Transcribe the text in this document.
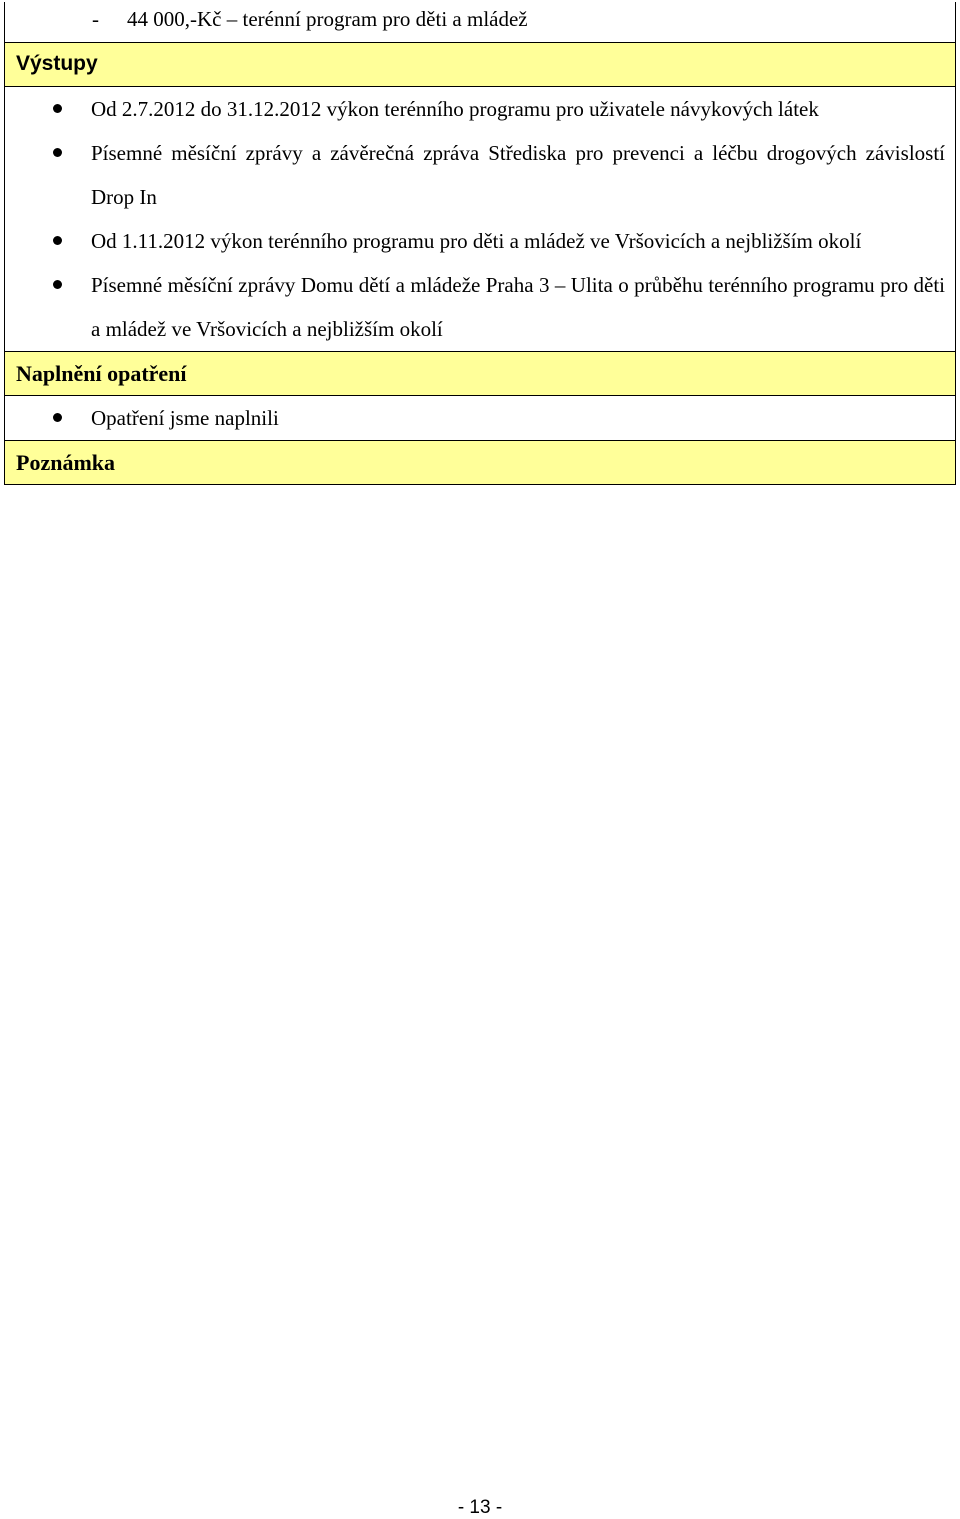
- 44 000,-Kč – terénní program pro děti a mládež
Výstupy
Od 2.7.2012 do 31.12.2012 výkon terénního programu pro uživatele návykových látek
Písemné měsíční zprávy a závěrečná zpráva Střediska pro prevenci a léčbu drogových závislostí Drop In
Od 1.11.2012 výkon terénního programu pro děti a mládež ve Vršovicích a nejbližším okolí
Písemné měsíční zprávy Domu dětí a mládeže Praha 3 – Ulita o průběhu terénního programu pro děti a mládež ve Vršovicích a nejbližším okolí
Naplnění opatření
Opatření jsme naplnili
Poznámka
- 13 -
